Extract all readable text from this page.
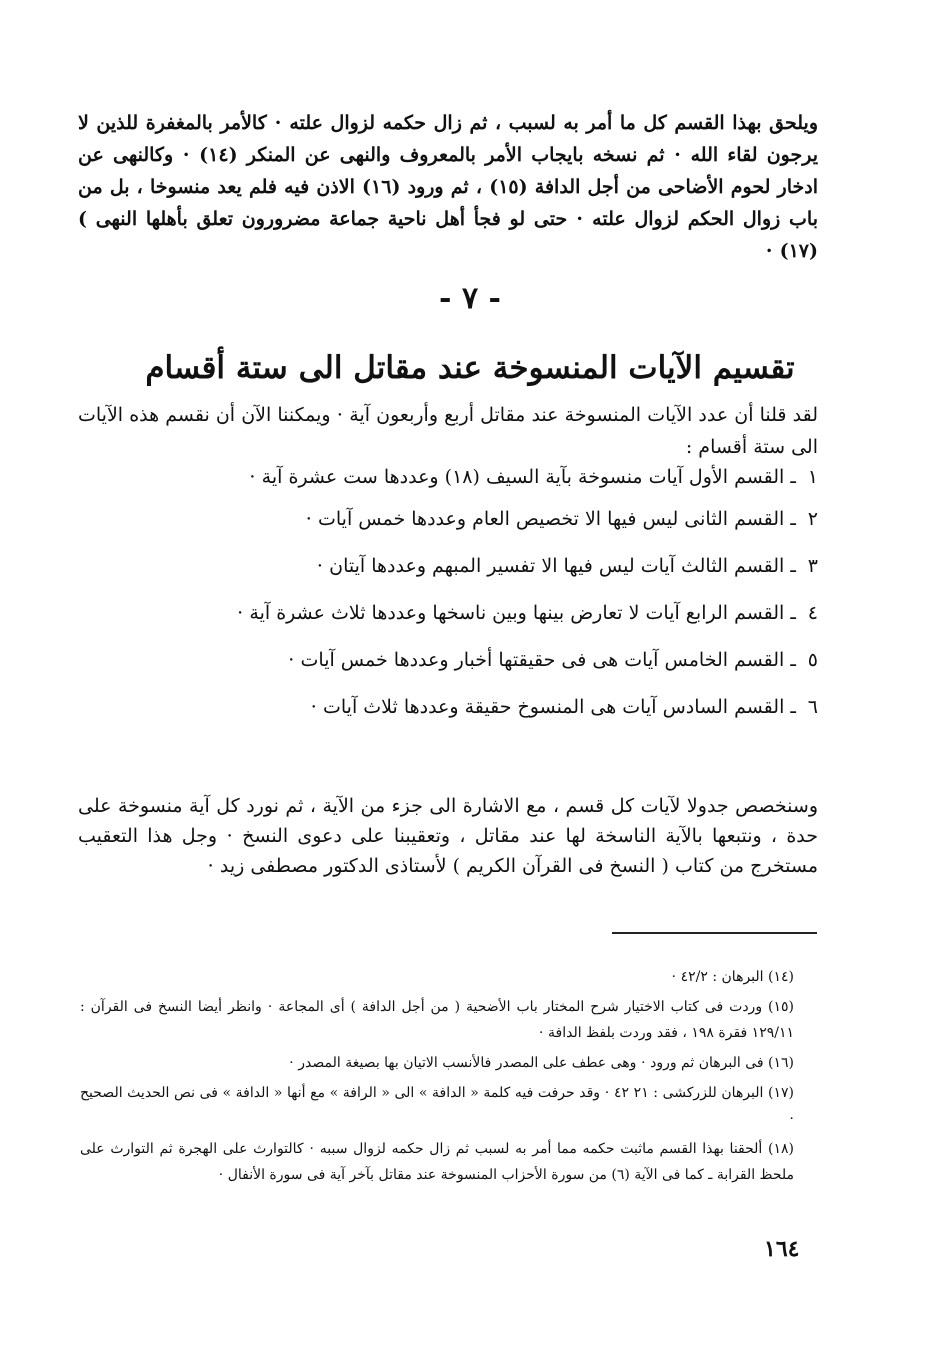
ويلحق بهذا القسم كل ما أمر به لسبب ، ثم زال حكمه لزوال علته ⋅ كالأمر بالمغفرة للذين لا يرجون لقاء الله ⋅ ثم نسخه بايجاب الأمر بالمعروف والنهى عن المنكر (١٤) ⋅ وكالنهى عن ادخار لحوم الأضاحى من أجل الدافة (١٥) ، ثم ورود (١٦) الاذن فيه فلم يعد منسوخا ، بل من باب زوال الحكم لزوال علته ⋅ حتى لو فجأ أهل ناحية جماعة مضرورون تعلق بأهلها النهى ) (١٧) ⋅

- ٧ -
تقسيم الآيات المنسوخة عند مقاتل الى ستة أقسام

لقد قلنا أن عدد الآيات المنسوخة عند مقاتل أربع وأربعون آية ⋅ ويمكننا الآن أن نقسم هذه الآيات الى ستة أقسام :

١ ـ القسم الأول آيات منسوخة بآية السيف (١٨) وعددها ست عشرة آية ⋅
٢ ـ القسم الثانى ليس فيها الا تخصيص العام وعددها خمس آيات ⋅
٣ ـ القسم الثالث آيات ليس فيها الا تفسير المبهم وعددها آيتان ⋅
٤ ـ القسم الرابع آيات لا تعارض بينها وبين ناسخها وعددها ثلاث عشرة آية ⋅
٥ ـ القسم الخامس آيات هى فى حقيقتها أخبار وعددها خمس آيات ⋅
٦ ـ القسم السادس آيات هى المنسوخ حقيقة وعددها ثلاث آيات ⋅

وسنخصص جدولا لآيات كل قسم ، مع الاشارة الى جزء من الآية ، ثم نورد كل آية منسوخة على حدة ، ونتبعها بالآية الناسخة لها عند مقاتل ، وتعقيبنا على دعوى النسخ ⋅ وجل هذا التعقيب مستخرج من كتاب ( النسخ فى القرآن الكريم ) لأستاذى الدكتور مصطفى زيد ⋅

(١٤) البرهان : ٤٢/٢ ⋅
(١٥) وردت فى كتاب الاختيار شرح المختار باب الأضحية ( من أجل الدافة ) أى المجاعة ⋅ وانظر أيضا النسخ فى القرآن : ١٢٩/١١ فقرة ١٩٨ ، فقد وردت بلفظ الدافة ⋅
(١٦) فى البرهان ثم ورود ⋅ وهى عطف على المصدر فالأنسب الاتيان بها بصيغة المصدر ⋅
(١٧) البرهان للزركشى : ٢١ ٤٢ ⋅ وقد حرفت فيه كلمة « الدافة » الى « الرافة » مع أنها « الدافة » فى نص الحديث الصحيح ⋅
(١٨) ألحقنا بهذا القسم ماثبت حكمه مما أمر به لسبب ثم زال حكمه لزوال سببه ⋅ كالتوارث على الهجرة ثم التوارث على ملحظ القرابة ـ كما فى الآية (٦) من سورة الأحزاب المنسوخة عند مقاتل بآخر آية فى سورة الأنفال ⋅
١٦٤
